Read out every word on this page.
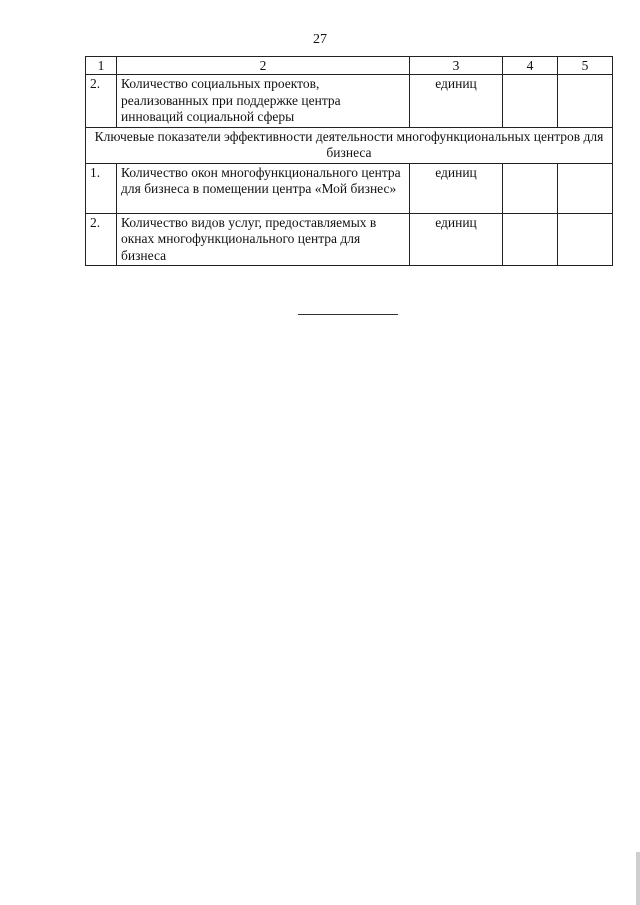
27
1	2	3	4	5
2.	Количество социальных проектов, реализованных при поддержке центра инноваций социальной сферы	единиц		
Ключевые показатели эффективности деятельности многофункциональных центров для бизнеса				
1.	Количество окон многофункционального центра для бизнеса в помещении центра «Мой бизнес»	единиц		
2.	Количество видов услуг, предоставляемых в окнах многофункционального центра для бизнеса	единиц		
